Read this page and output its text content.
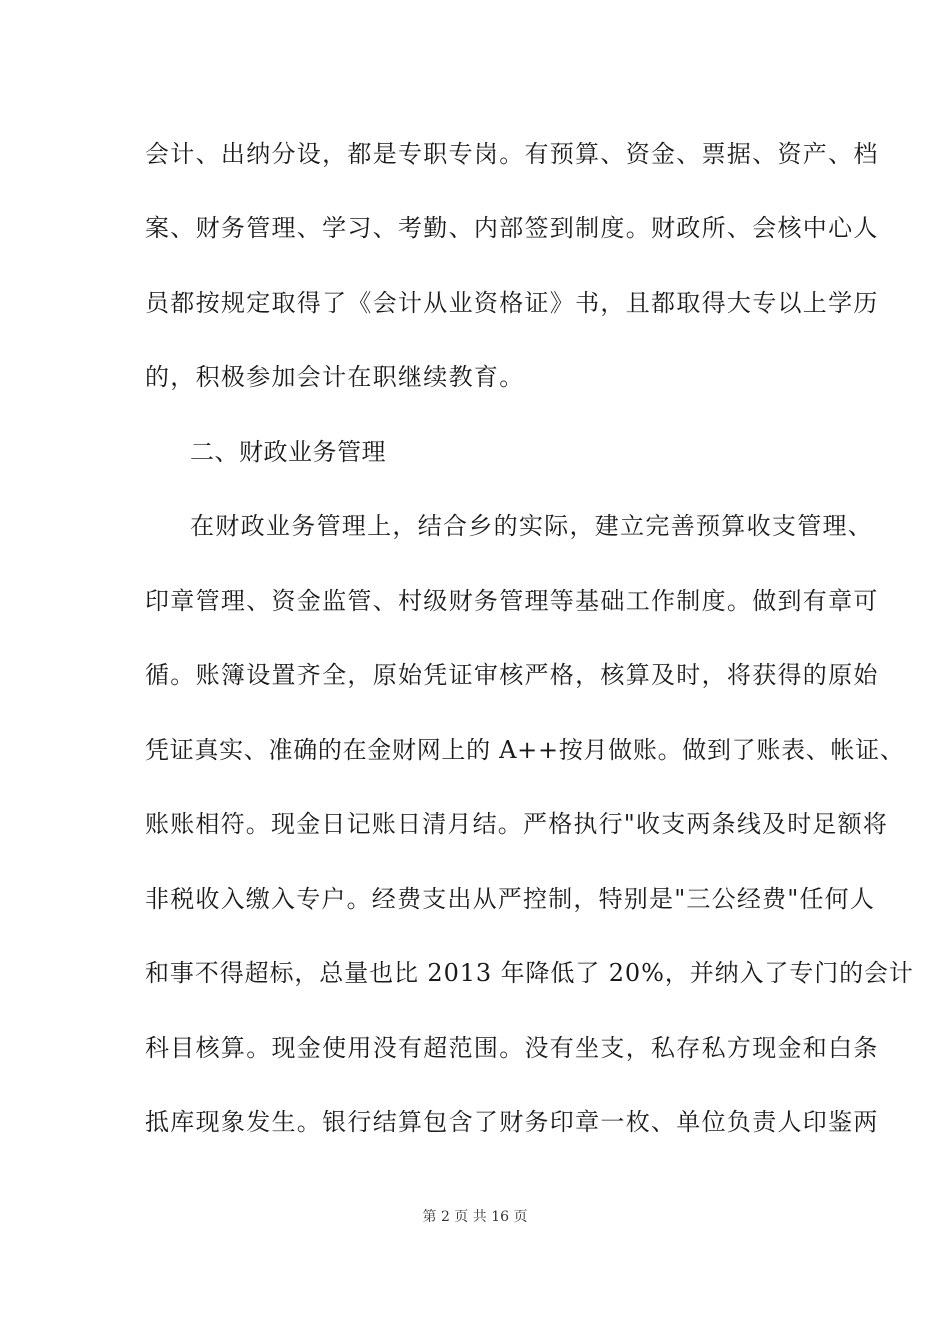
会计、出纳分设，都是专职专岗。有预算、资金、票据、资产、档
案、财务管理、学习、考勤、内部签到制度。财政所、会核中心人
员都按规定取得了《会计从业资格证》书，且都取得大专以上学历
的，积极参加会计在职继续教育。
二、财政业务管理
在财政业务管理上，结合乡的实际，建立完善预算收支管理、
印章管理、资金监管、村级财务管理等基础工作制度。做到有章可
循。账簿设置齐全，原始凭证审核严格，核算及时，将获得的原始
凭证真实、准确的在金财网上的 A++按月做账。做到了账表、帐证、
账账相符。现金日记账日清月结。严格执行"收支两条线及时足额将
非税收入缴入专户。经费支出从严控制，特别是"三公经费"任何人
和事不得超标，总量也比 2013 年降低了 20%，并纳入了专门的会计
科目核算。现金使用没有超范围。没有坐支，私存私方现金和白条
抵库现象发生。银行结算包含了财务印章一枚、单位负责人印鉴两
第 2 页 共 16 页
